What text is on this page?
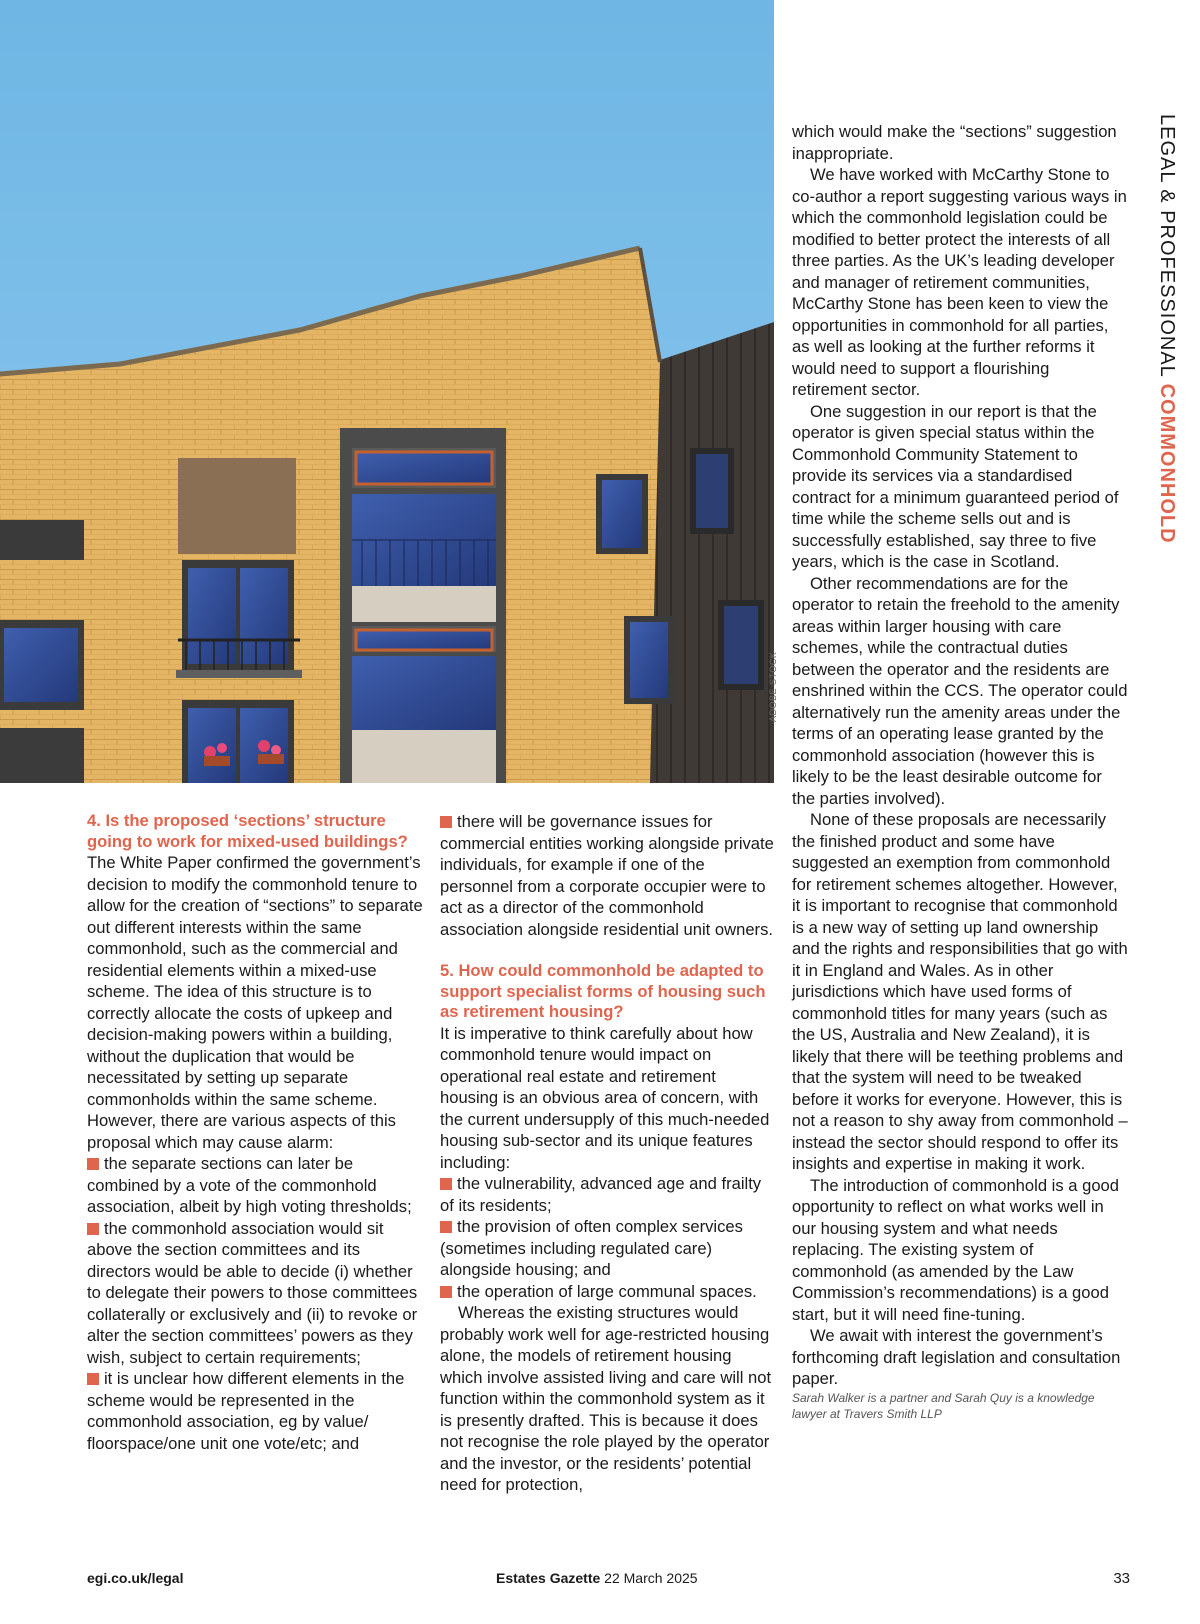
ADOBE STOCK
LEGAL & PROFESSIONAL COMMONHOLD
4. Is the proposed ‘sections’ structure going to work for mixed-used buildings?

The White Paper confirmed the government’s decision to modify the commonhold tenure to allow for the creation of “sections” to separate out different interests within the same commonhold, such as the commercial and residential elements within a mixed-use scheme. The idea of this structure is to correctly allocate the costs of upkeep and decision-making powers within a building, without the duplication that would be necessitated by setting up separate commonholds within the same scheme. However, there are various aspects of this proposal which may cause alarm:

the separate sections can later be combined by a vote of the commonhold association, albeit by high voting thresholds;

the commonhold association would sit above the section committees and its directors would be able to decide (i) whether to delegate their powers to those committees collaterally or exclusively and (ii) to revoke or alter the section committees’ powers as they wish, subject to certain requirements;

it is unclear how different elements in the scheme would be represented in the commonhold association, eg by value/ floorspace/one unit one vote/etc; and

there will be governance issues for commercial entities working alongside private individuals, for example if one of the personnel from a corporate occupier were to act as a director of the commonhold association alongside residential unit owners.

5. How could commonhold be adapted to support specialist forms of housing such as retirement housing?

It is imperative to think carefully about how commonhold tenure would impact on operational real estate and retirement housing is an obvious area of concern, with the current undersupply of this much-needed housing sub-sector and its unique features including:

the vulnerability, advanced age and frailty of its residents;

the provision of often complex services (sometimes including regulated care) alongside housing; and

the operation of large communal spaces.

Whereas the existing structures would probably work well for age-restricted housing alone, the models of retirement housing which involve assisted living and care will not function within the commonhold system as it is presently drafted. This is because it does not recognise the role played by the operator and the investor, or the residents’ potential need for protection,

which would make the “sections” suggestion inappropriate.

We have worked with McCarthy Stone to co-author a report suggesting various ways in which the commonhold legislation could be modified to better protect the interests of all three parties. As the UK’s leading developer and manager of retirement communities, McCarthy Stone has been keen to view the opportunities in commonhold for all parties, as well as looking at the further reforms it would need to support a flourishing retirement sector.

One suggestion in our report is that the operator is given special status within the Commonhold Community Statement to provide its services via a standardised contract for a minimum guaranteed period of time while the scheme sells out and is successfully established, say three to five years, which is the case in Scotland.

Other recommendations are for the operator to retain the freehold to the amenity areas within larger housing with care schemes, while the contractual duties between the operator and the residents are enshrined within the CCS. The operator could alternatively run the amenity areas under the terms of an operating lease granted by the commonhold association (however this is likely to be the least desirable outcome for the parties involved).

None of these proposals are necessarily the finished product and some have suggested an exemption from commonhold for retirement schemes altogether. However, it is important to recognise that commonhold is a new way of setting up land ownership and the rights and responsibilities that go with it in England and Wales. As in other jurisdictions which have used forms of commonhold titles for many years (such as the US, Australia and New Zealand), it is likely that there will be teething problems and that the system will need to be tweaked before it works for everyone. However, this is not a reason to shy away from commonhold – instead the sector should respond to offer its insights and expertise in making it work.

The introduction of commonhold is a good opportunity to reflect on what works well in our housing system and what needs replacing. The existing system of commonhold (as amended by the Law Commission’s recommendations) is a good start, but it will need fine-tuning.

We await with interest the government’s forthcoming draft legislation and consultation paper.

Sarah Walker is a partner and Sarah Quy is a knowledge lawyer at Travers Smith LLP

egi.co.uk/legal	Estates Gazette 22 March 2025	33
